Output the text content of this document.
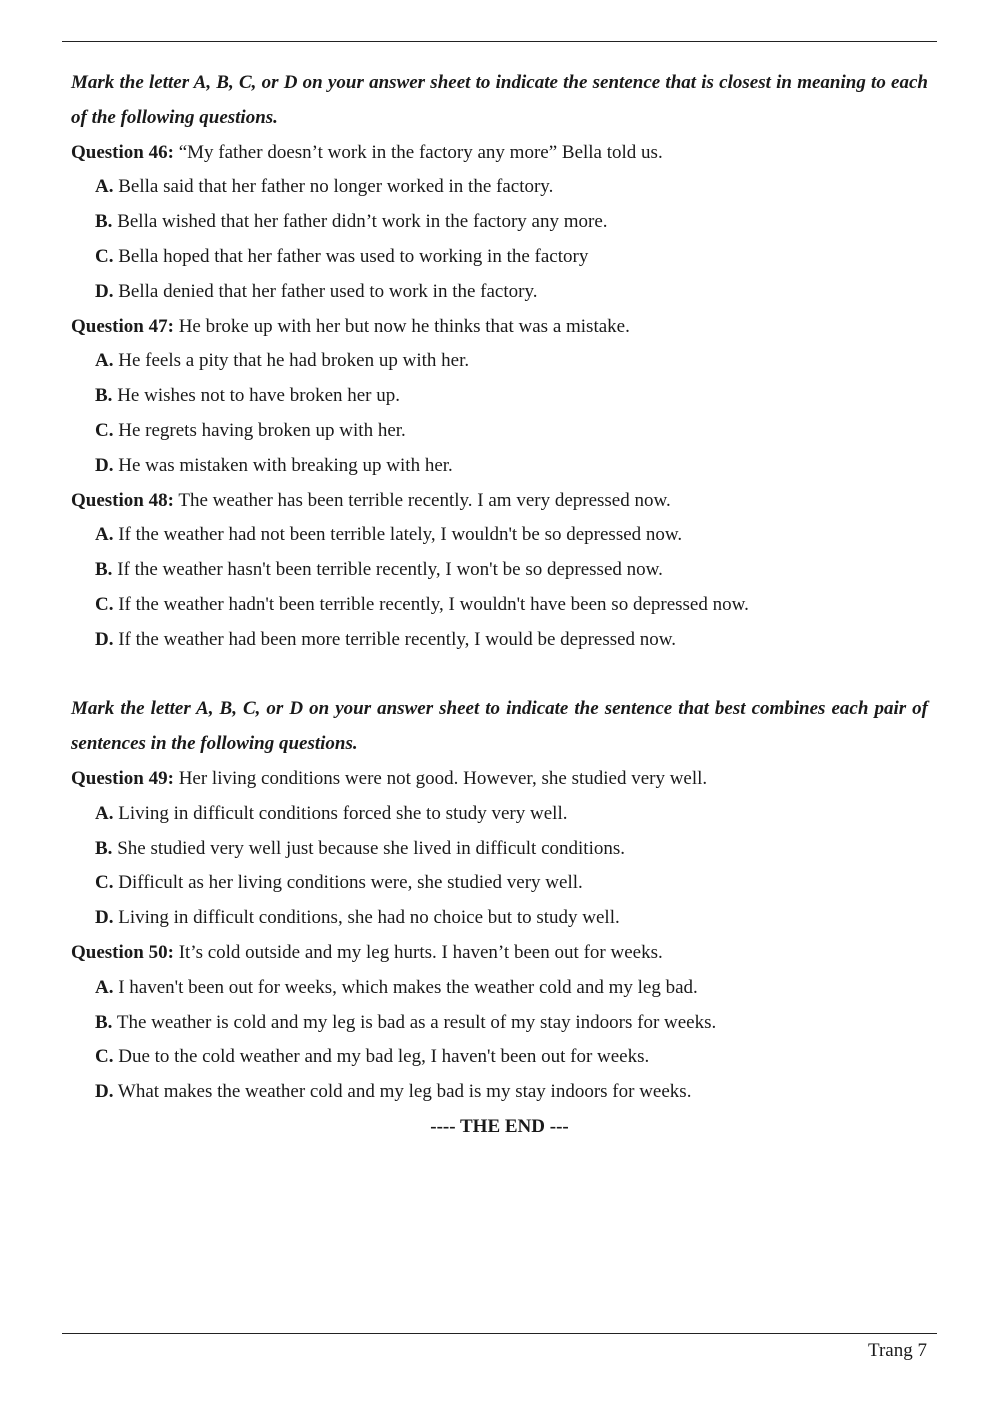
Mark the letter A, B, C, or D on your answer sheet to indicate the sentence that is closest in meaning to each of the following questions.

Question 46: “My father doesn’t work in the factory any more” Bella told us.

A. Bella said that her father no longer worked in the factory.
B. Bella wished that her father didn’t work in the factory any more.
C. Bella hoped that her father was used to working in the factory
D. Bella denied that her father used to work in the factory.

Question 47: He broke up with her but now he thinks that was a mistake.

A. He feels a pity that he had broken up with her.
B. He wishes not to have broken her up.
C. He regrets having broken up with her.
D. He was mistaken with breaking up with her.

Question 48: The weather has been terrible recently. I am very depressed now.

A. If the weather had not been terrible lately, I wouldn't be so depressed now.
B. If the weather hasn't been terrible recently, I won't be so depressed now.
C. If the weather hadn't been terrible recently, I wouldn't have been so depressed now.
D. If the weather had been more terrible recently, I would be depressed now.

Mark the letter A, B, C, or D on your answer sheet to indicate the sentence that best combines each pair of sentences in the following questions.

Question 49: Her living conditions were not good. However, she studied very well.

A. Living in difficult conditions forced she to study very well.
B. She studied very well just because she lived in difficult conditions.
C. Difficult as her living conditions were, she studied very well.
D. Living in difficult conditions, she had no choice but to study well.

Question 50: It’s cold outside and my leg hurts. I haven’t been out for weeks.

A. I haven't been out for weeks, which makes the weather cold and my leg bad.
B. The weather is cold and my leg is bad as a result of my stay indoors for weeks.
C. Due to the cold weather and my bad leg, I haven't been out for weeks.
D. What makes the weather cold and my leg bad is my stay indoors for weeks.

---- THE END ---

Trang 7
